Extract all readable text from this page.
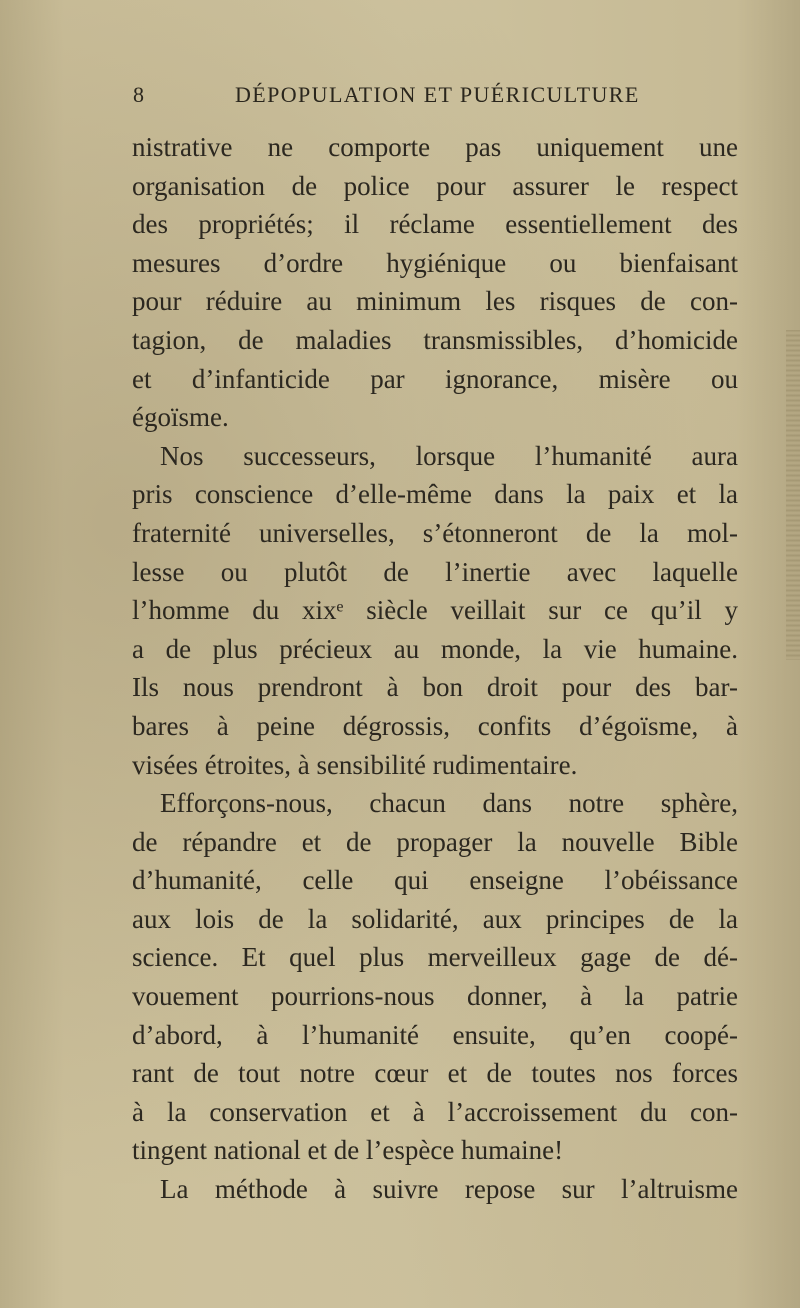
8	DÉPOPULATION ET PUÉRICULTURE
nistrative ne comporte pas uniquement une
organisation de police pour assurer le respect
des propriétés; il réclame essentiellement des
mesures d’ordre hygiénique ou bienfaisant
pour réduire au minimum les risques de con-
tagion, de maladies transmissibles, d’homicide
et d’infanticide par ignorance, misère ou
égoïsme.
Nos successeurs, lorsque l’humanité aura
pris conscience d’elle-même dans la paix et la
fraternité universelles, s’étonneront de la mol-
lesse ou plutôt de l’inertie avec laquelle
l’homme du xixᵉ siècle veillait sur ce qu’il y
a de plus précieux au monde, la vie humaine.
Ils nous prendront à bon droit pour des bar-
bares à peine dégrossis, confits d’égoïsme, à
visées étroites, à sensibilité rudimentaire.
Efforçons-nous, chacun dans notre sphère,
de répandre et de propager la nouvelle Bible
d’humanité, celle qui enseigne l’obéissance
aux lois de la solidarité, aux principes de la
science. Et quel plus merveilleux gage de dé-
vouement pourrions-nous donner, à la patrie
d’abord, à l’humanité ensuite, qu’en coopé-
rant de tout notre cœur et de toutes nos forces
à la conservation et à l’accroissement du con-
tingent national et de l’espèce humaine!
La méthode à suivre repose sur l’altruisme
